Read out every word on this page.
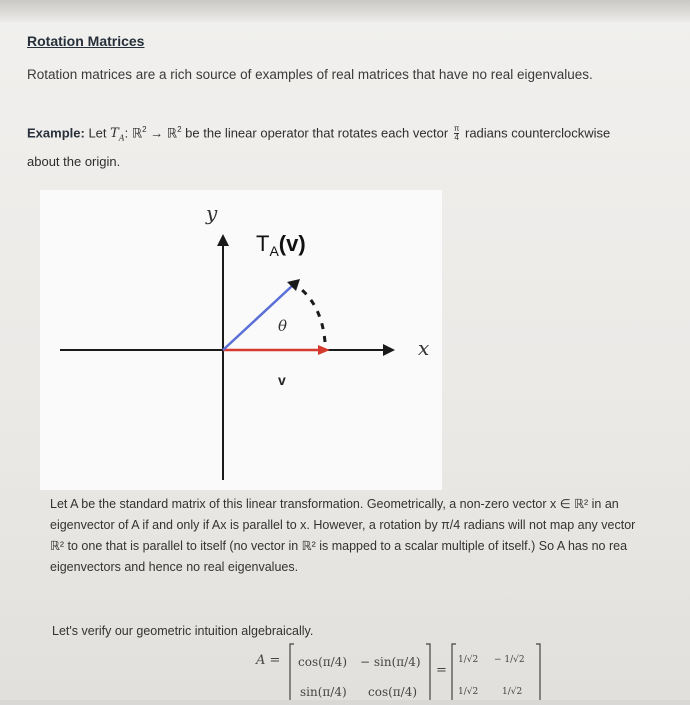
Rotation Matrices
Rotation matrices are a rich source of examples of real matrices that have no real eigenvalues.
Example: Let $T_A$: ℝ$^2$ → ℝ$^2$ be the linear operator that rotates each vector $\frac{\pi}{4}$ radians counterclockwise
about the origin.
y
x
$T_A(v)$
θ
v
Let A be the standard matrix of this linear transformation. Geometrically, a non-zero vector x ∈ ℝ² in an
eigenvector of A if and only if Ax is parallel to x. However, a rotation by π/4 radians will not map any vector
ℝ² to one that is parallel to itself (no vector in ℝ² is mapped to a scalar multiple of itself.) So A has no rea
eigenvectors and hence no real eigenvalues.
Let's verify our geometric intuition algebraically.
A = cos(π/4) − sin(π/4)
sin(π/4) cos(π/4)
=
1/√2 − 1/√2
1/√2	1/√2
